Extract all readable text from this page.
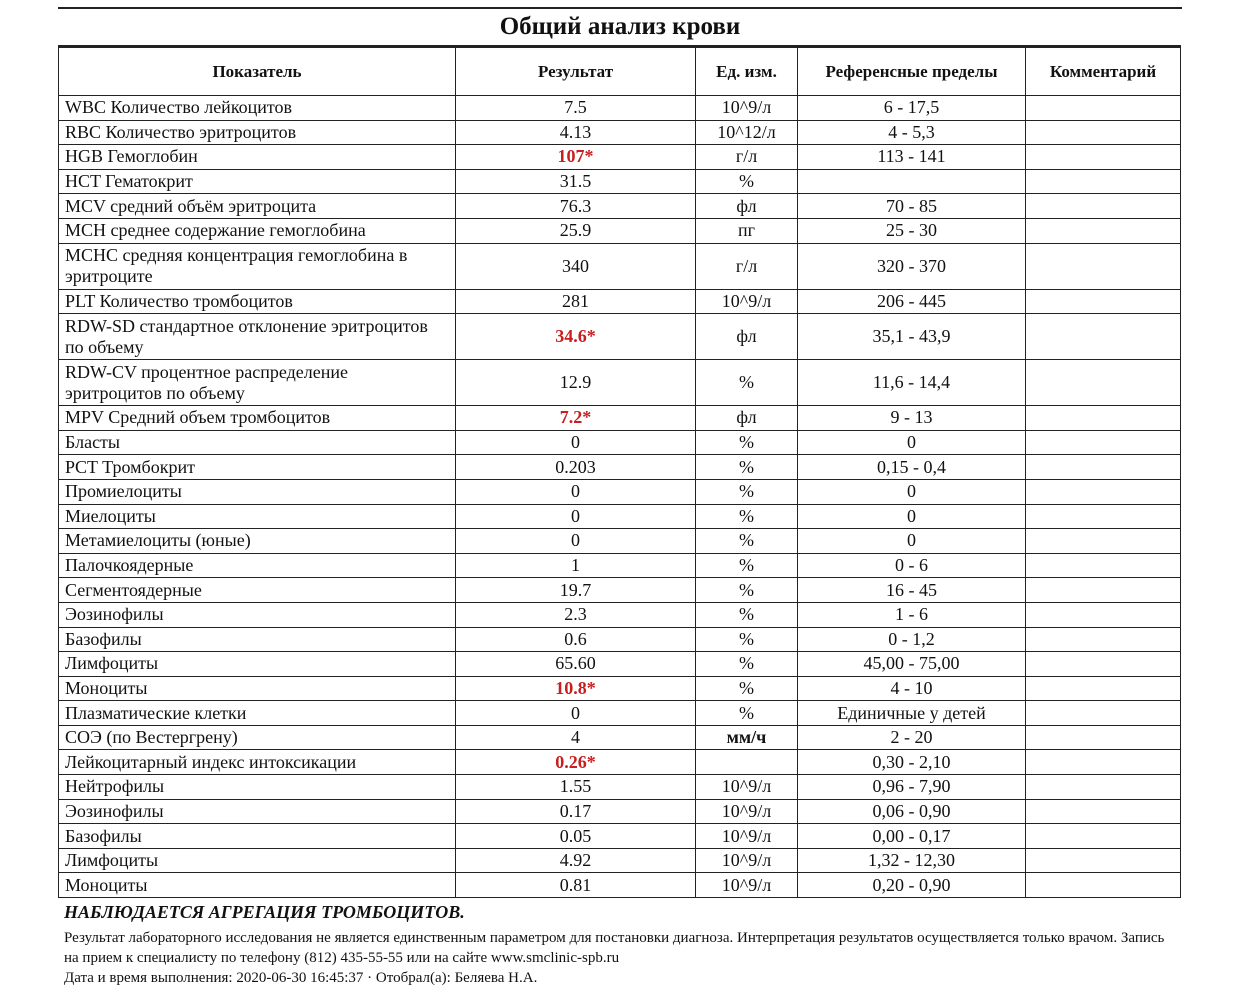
Общий анализ крови
Показатель	Результат	Ед. изм.	Референсные пределы	Комментарий
WBC Количество лейкоцитов	7.5	10^9/л	6 - 17,5	
RBC Количество эритроцитов	4.13	10^12/л	4 - 5,3	
HGB Гемоглобин	107*	г/л	113 - 141	
HCT Гематокрит	31.5	%		
MCV средний объём эритроцита	76.3	фл	70 - 85	
MCH среднее содержание гемоглобина	25.9	пг	25 - 30	
MCHC средняя концентрация гемоглобина в эритроците	340	г/л	320 - 370	
PLT Количество тромбоцитов	281	10^9/л	206 - 445	
RDW-SD стандартное отклонение эритроцитов по объему	34.6*	фл	35,1 - 43,9	
RDW-CV процентное распределение эритроцитов по объему	12.9	%	11,6 - 14,4	
MPV Средний объем тромбоцитов	7.2*	фл	9 - 13	
Бласты	0	%	0	
PCT Тромбокрит	0.203	%	0,15 - 0,4	
Промиелоциты	0	%	0	
Миелоциты	0	%	0	
Метамиелоциты (юные)	0	%	0	
Палочкоядерные	1	%	0 - 6	
Сегментоядерные	19.7	%	16 - 45	
Эозинофилы	2.3	%	1 - 6	
Базофилы	0.6	%	0 - 1,2	
Лимфоциты	65.60	%	45,00 - 75,00	
Моноциты	10.8*	%	4 - 10	
Плазматические клетки	0	%	Единичные у детей	
СОЭ (по Вестергрену)	4	мм/ч	2 - 20	
Лейкоцитарный индекс интоксикации	0.26*		0,30 - 2,10	
Нейтрофилы	1.55	10^9/л	0,96 - 7,90	
Эозинофилы	0.17	10^9/л	0,06 - 0,90	
Базофилы	0.05	10^9/л	0,00 - 0,17	
Лимфоциты	4.92	10^9/л	1,32 - 12,30	
Моноциты	0.81	10^9/л	0,20 - 0,90	
НАБЛЮДАЕТСЯ АГРЕГАЦИЯ ТРОМБОЦИТОВ.
Результат лабораторного исследования не является единственным параметром для постановки диагноза. Интерпретация результатов осуществляется только врачом. Запись на прием к специалисту по телефону (812) 435-55-55 или на сайте www.smclinic-spb.ru
Дата и время выполнения: 2020-06-30 16:45:37 · Отобрал(а): Беляева Н.А.
